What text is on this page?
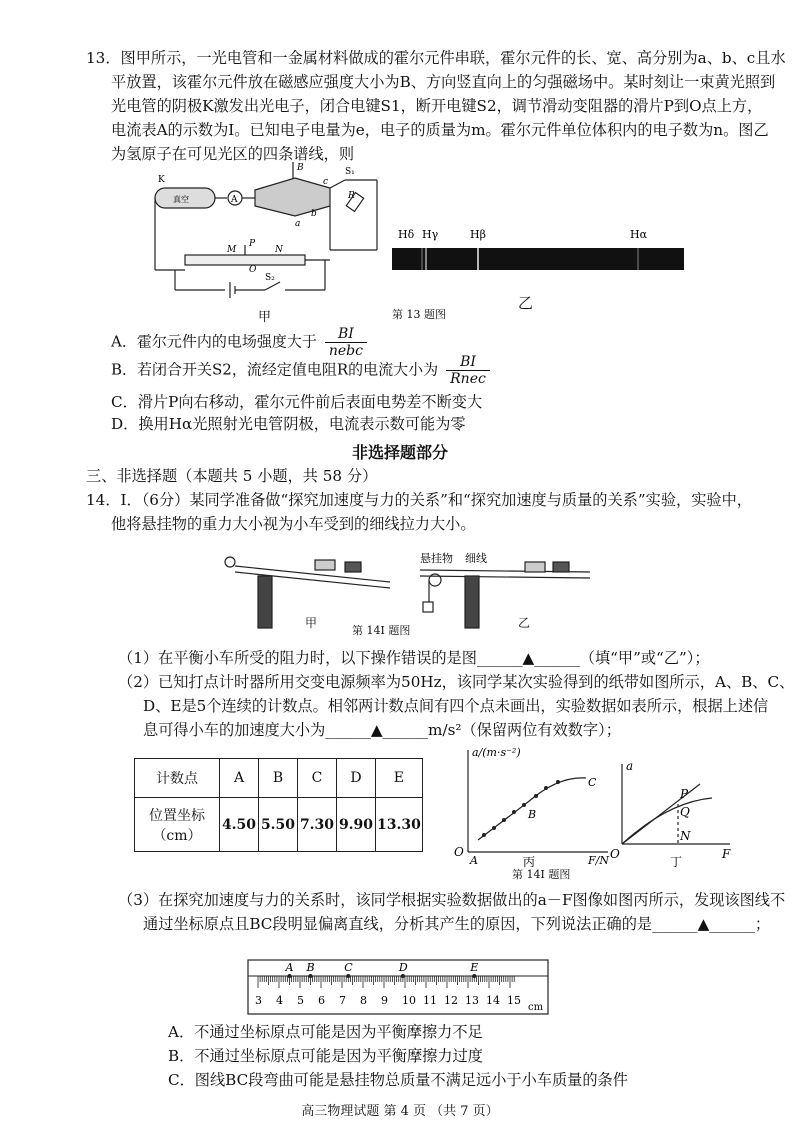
13．图甲所示，一光电管和一金属材料做成的霍尔元件串联，霍尔元件的长、宽、高分别为a、b、c且水
平放置，该霍尔元件放在磁感应强度大小为B、方向竖直向上的匀强磁场中。某时刻让一束黄光照到
光电管的阴极K激发出光电子，闭合电键S1，断开电键S2，调节滑动变阻器的滑片P到O点上方，
电流表A的示数为I。已知电子电量为e，电子的质量为m。霍尔元件单位体积内的电子数为n。图乙
为氢原子在可见光区的四条谱线，则
K
真空	A
B
c
S₁
R
b
a
M
P
N
O
S₂
甲
Hδ Hγ	Hβ	Hα
第 13 题图
乙
A．霍尔元件内的电场强度大于 $\frac{BI}{\text{nebc}}$
B．若闭合开关S2，流经定值电阻R的电流大小为 $\frac{BI}{\text{Rnec}}$
C．滑片P向右移动，霍尔元件前后表面电势差不断变大
D．换用Hα光照射光电管阴极，电流表示数可能为零
非选择题部分
三、非选择题（本题共 5 小题，共 58 分）
14．I．（6分）某同学准备做“探究加速度与力的关系”和“探究加速度与质量的关系”实验，实验中，
他将悬挂物的重力大小视为小车受到的细线拉力大小。
悬挂物 细线
甲
第 14I 题图
乙
（1）在平衡小车所受的阻力时，以下操作错误的是图______▲______（填“甲”或“乙”）；
（2）已知打点计时器所用交变电源频率为50Hz，该同学某次实验得到的纸带如图所示，A、B、C、
D、E是5个连续的计数点。相邻两计数点间有四个点未画出，实验数据如表所示，根据上述信
息可得小车的加速度大小为______▲______m/s²（保留两位有效数字）；
计数点	A	B	C	D	E

位置坐标
（cm）	4.50	5.50	7.30	9.90	13.30
a/(m·s⁻²)
F/N
O
A
B
C
丙
第 14I 题图
a
F
O
P
Q
N
丁
（3）在探究加速度与力的关系时，该同学根据实验数据做出的a－F图像如图丙所示，发现该图线不
通过坐标原点且BC段明显偏离直线，分析其产生的原因，下列说法正确的是______▲______；
3 4 5 6 7 8 9 10 11 12 13 14 15
A B	C	D	E
cm
A．不通过坐标原点可能是因为平衡摩擦力不足
B．不通过坐标原点可能是因为平衡摩擦力过度
C．图线BC段弯曲可能是悬挂物总质量不满足远小于小车质量的条件
高三物理试题 第 4 页 （共 7 页）
